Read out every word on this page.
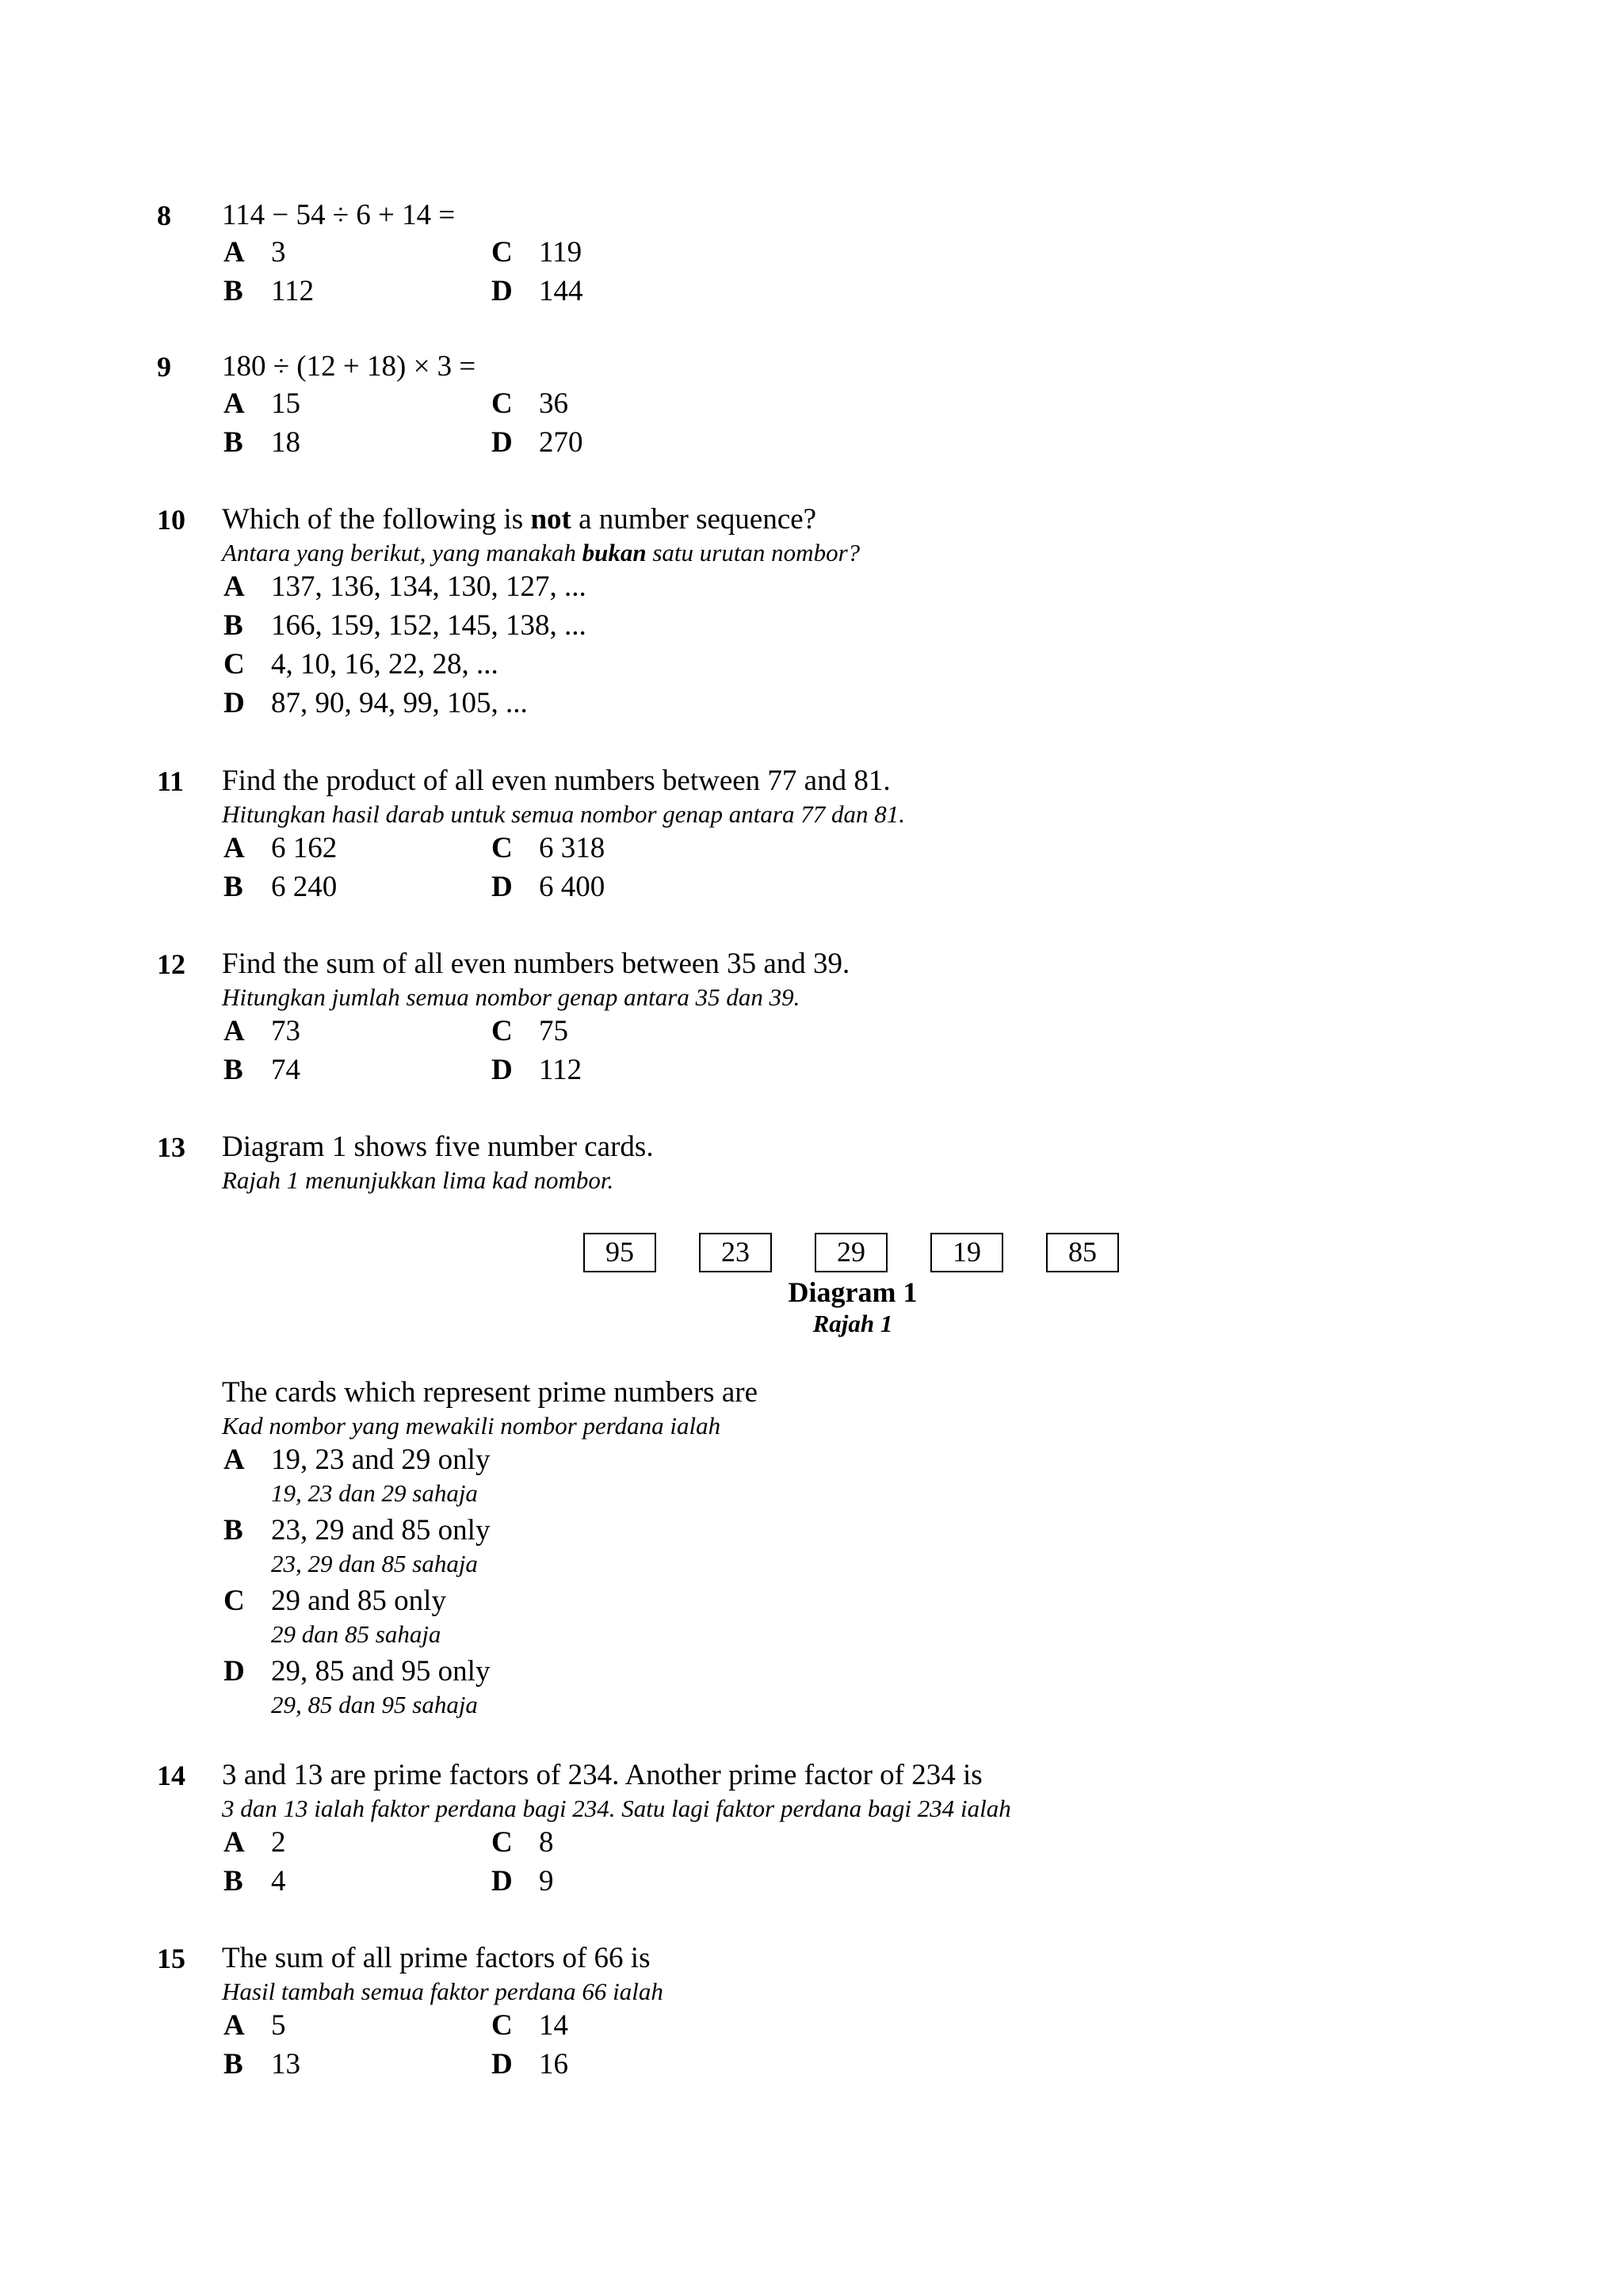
8 114 − 54 ÷ 6 + 14 =
A 3
B 112
C 119
D 144
9 180 ÷ (12 + 18) × 3 =
A 15
B 18
C 36
D 270
10 Which of the following is not a number sequence?
Antara yang berikut, yang manakah bukan satu urutan nombor?
A 137, 136, 134, 130, 127, ...
B 166, 159, 152, 145, 138, ...
C 4, 10, 16, 22, 28, ...
D 87, 90, 94, 99, 105, ...
11 Find the product of all even numbers between 77 and 81.
Hitungkan hasil darab untuk semua nombor genap antara 77 dan 81.
A 6 162
B 6 240
C 6 318
D 6 400
12 Find the sum of all even numbers between 35 and 39.
Hitungkan jumlah semua nombor genap antara 35 dan 39.
A 73
B 74
C 75
D 112
13 Diagram 1 shows five number cards.
Rajah 1 menunjukkan lima kad nombor.
95	23	29	19	85
Diagram 1
Rajah 1
The cards which represent prime numbers are
Kad nombor yang mewakili nombor perdana ialah
A 19, 23 and 29 only
19, 23 dan 29 sahaja
B 23, 29 and 85 only
23, 29 dan 85 sahaja
C 29 and 85 only
29 dan 85 sahaja
D 29, 85 and 95 only
29, 85 dan 95 sahaja
14 3 and 13 are prime factors of 234. Another prime factor of 234 is
3 dan 13 ialah faktor perdana bagi 234. Satu lagi faktor perdana bagi 234 ialah
A 2
B 4
C 8
D 9
15 The sum of all prime factors of 66 is
Hasil tambah semua faktor perdana 66 ialah
A 5
B 13
C 14
D 16
